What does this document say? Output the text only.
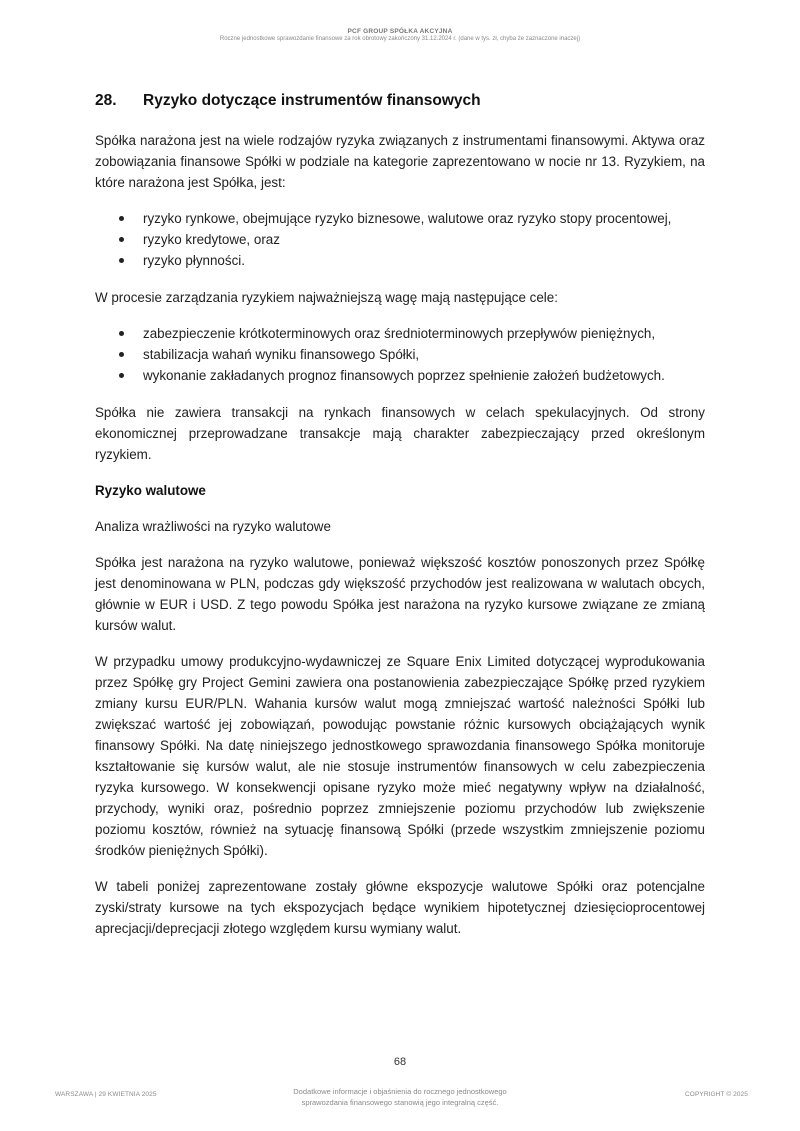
PCF GROUP SPÓŁKA AKCYJNA
Roczne jednostkowe sprawozdanie finansowe za rok obrotowy zakończony 31.12.2024 r. (dane w tys. zł, chyba że zaznaczone inaczej)
28. Ryzyko dotyczące instrumentów finansowych

Spółka narażona jest na wiele rodzajów ryzyka związanych z instrumentami finansowymi. Aktywa oraz zobowiązania finansowe Spółki w podziale na kategorie zaprezentowano w nocie nr 13. Ryzykiem, na które narażona jest Spółka, jest:

ryzyko rynkowe, obejmujące ryzyko biznesowe, walutowe oraz ryzyko stopy procentowej,
ryzyko kredytowe, oraz
ryzyko płynności.

W procesie zarządzania ryzykiem najważniejszą wagę mają następujące cele:

zabezpieczenie krótkoterminowych oraz średnioterminowych przepływów pieniężnych,
stabilizacja wahań wyniku finansowego Spółki,
wykonanie zakładanych prognoz finansowych poprzez spełnienie założeń budżetowych.

Spółka nie zawiera transakcji na rynkach finansowych w celach spekulacyjnych. Od strony ekonomicznej przeprowadzane transakcje mają charakter zabezpieczający przed określonym ryzykiem.

Ryzyko walutowe
Analiza wrażliwości na ryzyko walutowe

Spółka jest narażona na ryzyko walutowe, ponieważ większość kosztów ponoszonych przez Spółkę jest denominowana w PLN, podczas gdy większość przychodów jest realizowana w walutach obcych, głównie w EUR i USD. Z tego powodu Spółka jest narażona na ryzyko kursowe związane ze zmianą kursów walut.

W przypadku umowy produkcyjno-wydawniczej ze Square Enix Limited dotyczącej wyprodukowania przez Spółkę gry Project Gemini zawiera ona postanowienia zabezpieczające Spółkę przed ryzykiem zmiany kursu EUR/PLN. Wahania kursów walut mogą zmniejszać wartość należności Spółki lub zwiększać wartość jej zobowiązań, powodując powstanie różnic kursowych obciążających wynik finansowy Spółki. Na datę niniejszego jednostkowego sprawozdania finansowego Spółka monitoruje kształtowanie się kursów walut, ale nie stosuje instrumentów finansowych w celu zabezpieczenia ryzyka kursowego. W konsekwencji opisane ryzyko może mieć negatywny wpływ na działalność, przychody, wyniki oraz, pośrednio poprzez zmniejszenie poziomu przychodów lub zwiększenie poziomu kosztów, również na sytuację finansową Spółki (przede wszystkim zmniejszenie poziomu środków pieniężnych Spółki).

W tabeli poniżej zaprezentowane zostały główne ekspozycje walutowe Spółki oraz potencjalne zyski/straty kursowe na tych ekspozycjach będące wynikiem hipotetycznej dziesięcioprocentowej aprecjacji/deprecjacji złotego względem kursu wymiany walut.

68
WARSZAWA | 29 KWIETNIA 2025	Dodatkowe informacje i objaśnienia do rocznego jednostkowego
sprawozdania finansowego stanowią jego integralną część.
COPYRIGHT © 2025
